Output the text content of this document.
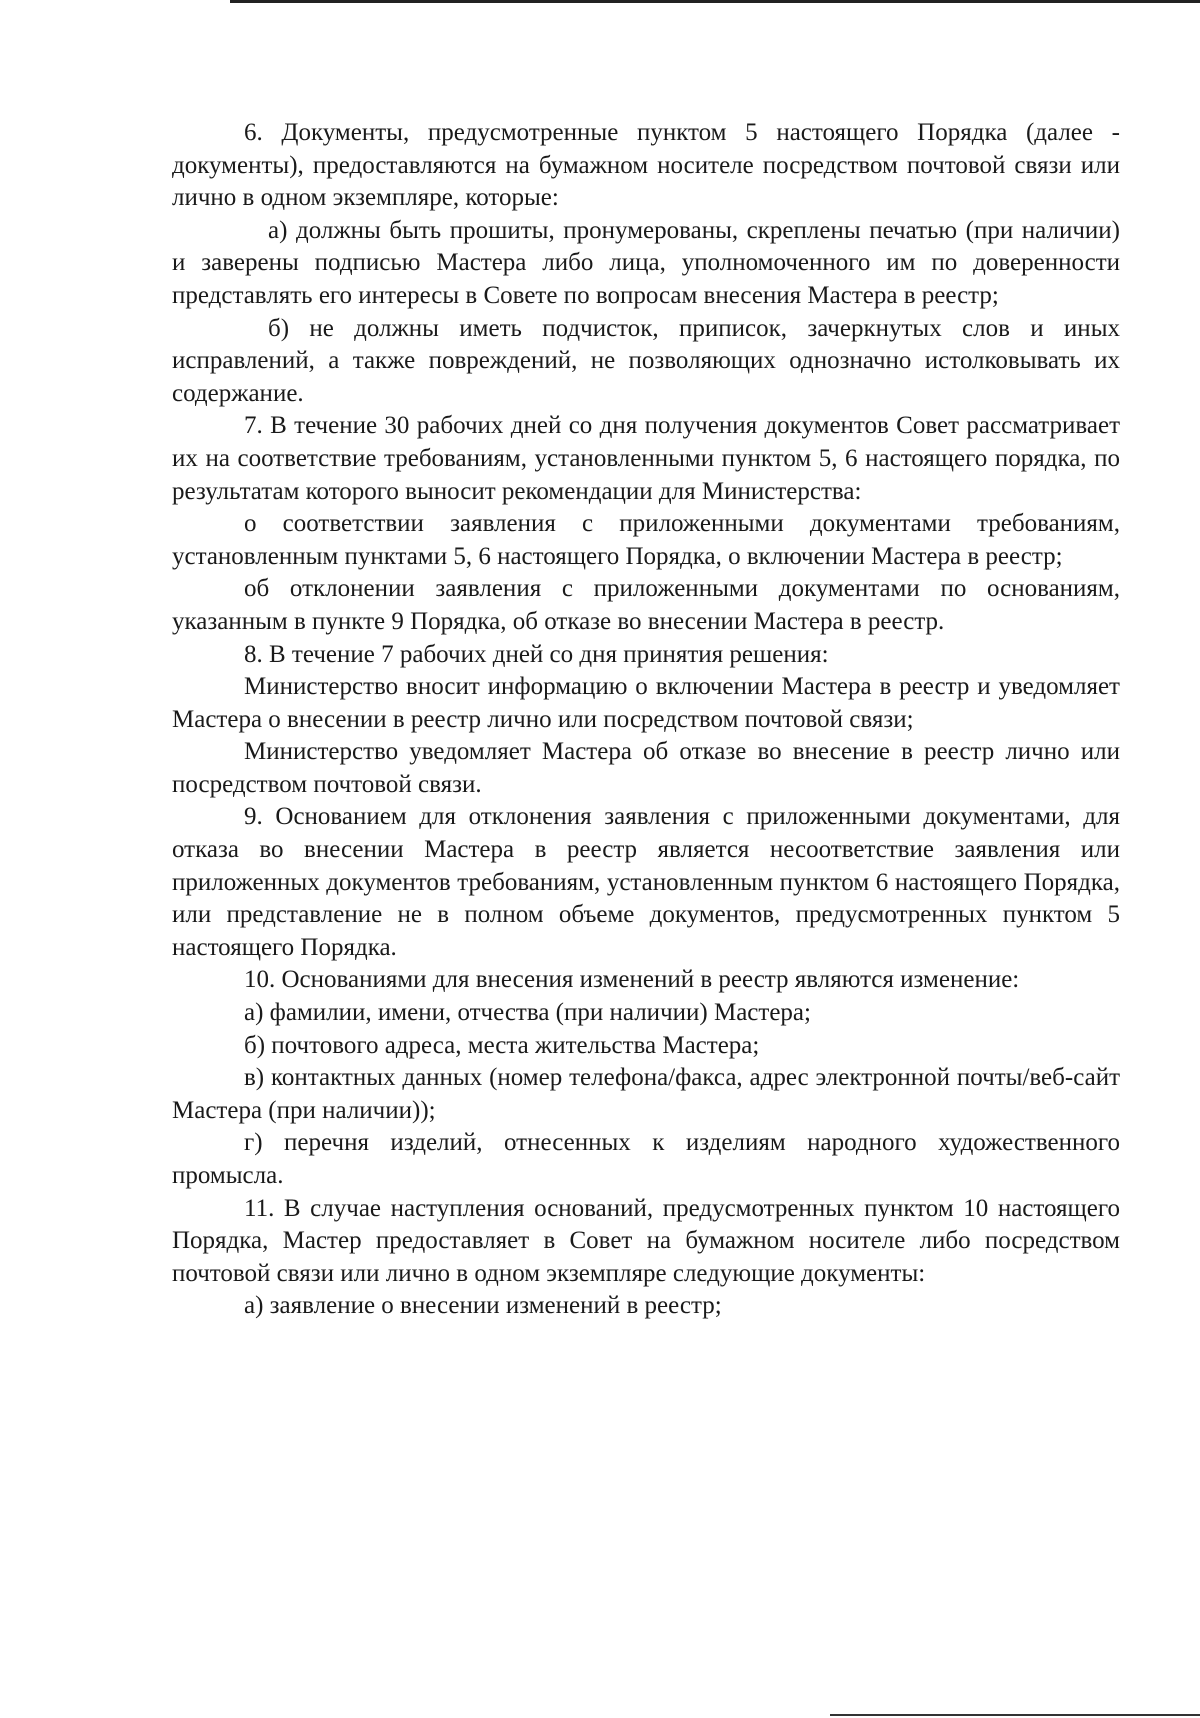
6. Документы, предусмотренные пунктом 5 настоящего Порядка (далее - документы), предоставляются на бумажном носителе посредством почтовой связи или лично в одном экземпляре, которые:

а) должны быть прошиты, пронумерованы, скреплены печатью (при наличии) и заверены подписью Мастера либо лица, уполномоченного им по доверенности представлять его интересы в Совете по вопросам внесения Мастера в реестр;

б) не должны иметь подчисток, приписок, зачеркнутых слов и иных исправлений, а также повреждений, не позволяющих однозначно истолковывать их содержание.

7. В течение 30 рабочих дней со дня получения документов Совет рассматривает их на соответствие требованиям, установленными пунктом 5, 6 настоящего порядка, по результатам которого выносит рекомендации для Министерства:

о соответствии заявления с приложенными документами требованиям, установленным пунктами 5, 6 настоящего Порядка, о включении Мастера в реестр;

об отклонении заявления с приложенными документами по основаниям, указанным в пункте 9 Порядка, об отказе во внесении Мастера в реестр.

8. В течение 7 рабочих дней со дня принятия решения:

Министерство вносит информацию о включении Мастера в реестр и уведомляет Мастера о внесении в реестр лично или посредством почтовой связи;

Министерство уведомляет Мастера об отказе во внесение в реестр лично или посредством почтовой связи.

9. Основанием для отклонения заявления с приложенными документами, для отказа во внесении Мастера в реестр является несоответствие заявления или приложенных документов требованиям, установленным пунктом 6 настоящего Порядка, или представление не в полном объеме документов, предусмотренных пунктом 5 настоящего Порядка.

10. Основаниями для внесения изменений в реестр являются изменение:

а) фамилии, имени, отчества (при наличии) Мастера;

б) почтового адреса, места жительства Мастера;

в) контактных данных (номер телефона/факса, адрес электронной почты/веб-сайт Мастера (при наличии));

г) перечня изделий, отнесенных к изделиям народного художественного промысла.

11. В случае наступления оснований, предусмотренных пунктом 10 настоящего Порядка, Мастер предоставляет в Совет на бумажном носителе либо посредством почтовой связи или лично в одном экземпляре следующие документы:

а) заявление о внесении изменений в реестр;
